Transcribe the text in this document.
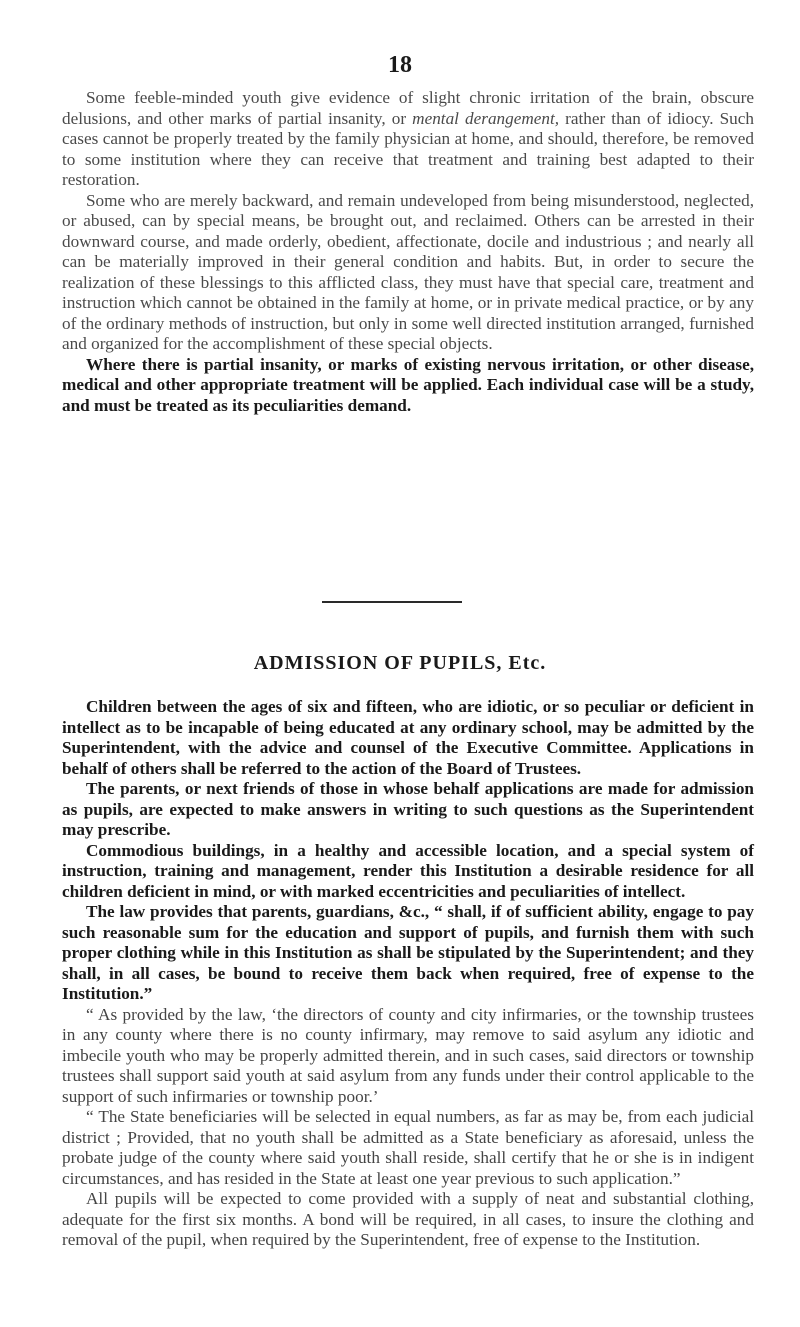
18

Some feeble-minded youth give evidence of slight chronic irritation of the brain, obscure delusions, and other marks of partial insanity, or mental derangement, rather than of idiocy. Such cases cannot be properly treated by the family physician at home, and should, therefore, be removed to some institution where they can receive that treatment and training best adapted to their restoration.

Some who are merely backward, and remain undeveloped from being misunderstood, neglected, or abused, can by special means, be brought out, and reclaimed. Others can be arrested in their downward course, and made orderly, obedient, affectionate, docile and industrious ; and nearly all can be materially improved in their general condition and habits. But, in order to secure the realization of these blessings to this afflicted class, they must have that special care, treatment and instruction which cannot be obtained in the family at home, or in private medical practice, or by any of the ordinary methods of instruction, but only in some well directed institution arranged, furnished and organized for the accomplishment of these special objects.

Where there is partial insanity, or marks of existing nervous irritation, or other disease, medical and other appropriate treatment will be applied. Each individual case will be a study, and must be treated as its peculiarities demand.

ADMISSION OF PUPILS, Etc.

Children between the ages of six and fifteen, who are idiotic, or so peculiar or deficient in intellect as to be incapable of being educated at any ordinary school, may be admitted by the Superintendent, with the advice and counsel of the Executive Committee. Applications in behalf of others shall be referred to the action of the Board of Trustees.

The parents, or next friends of those in whose behalf applications are made for admission as pupils, are expected to make answers in writing to such questions as the Superintendent may prescribe.

Commodious buildings, in a healthy and accessible location, and a special system of instruction, training and management, render this Institution a desirable residence for all children deficient in mind, or with marked eccentricities and peculiarities of intellect.

The law provides that parents, guardians, &c., “ shall, if of sufficient ability, engage to pay such reasonable sum for the education and support of pupils, and furnish them with such proper clothing while in this Institution as shall be stipulated by the Superintendent; and they shall, in all cases, be bound to receive them back when required, free of expense to the Institution.”

“ As provided by the law, ‘the directors of county and city infirmaries, or the township trustees in any county where there is no county infirmary, may remove to said asylum any idiotic and imbecile youth who may be properly admitted therein, and in such cases, said directors or township trustees shall support said youth at said asylum from any funds under their control applicable to the support of such infirmaries or township poor.’

“ The State beneficiaries will be selected in equal numbers, as far as may be, from each judicial district ; Provided, that no youth shall be admitted as a State beneficiary as aforesaid, unless the probate judge of the county where said youth shall reside, shall certify that he or she is in indigent circumstances, and has resided in the State at least one year previous to such application.”

All pupils will be expected to come provided with a supply of neat and substantial clothing, adequate for the first six months. A bond will be required, in all cases, to insure the clothing and removal of the pupil, when required by the Superintendent, free of expense to the Institution.
